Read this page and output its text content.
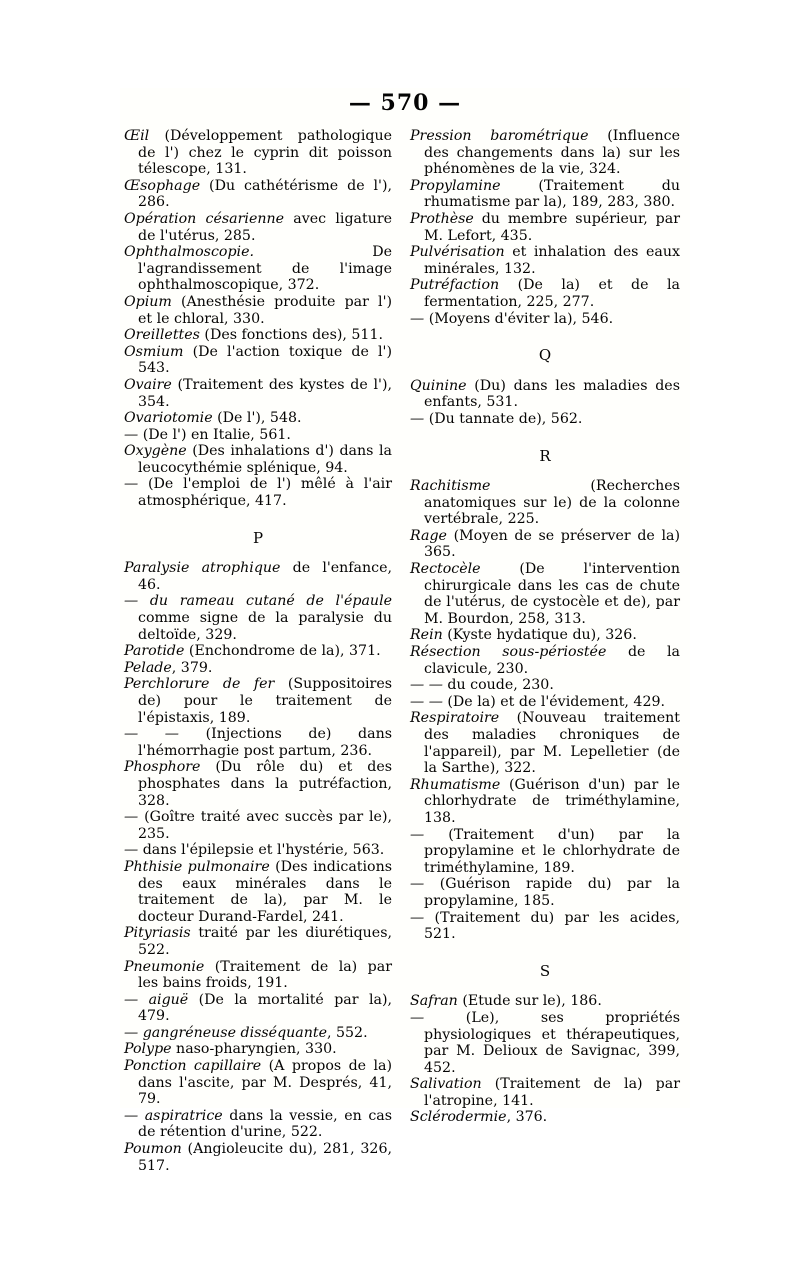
— 570 —
Œil (Développement pathologique de l') chez le cyprin dit poisson télescope, 131.
Œsophage (Du cathétérisme de l'), 286.
Opération césarienne avec ligature de l'utérus, 285.
Ophthalmoscopie. De l'agrandissement de l'image ophthalmoscopique, 372.
Opium (Anesthésie produite par l') et le chloral, 330.
Oreillettes (Des fonctions des), 511.
Osmium (De l'action toxique de l') 543.
Ovaire (Traitement des kystes de l'), 354.
Ovariotomie (De l'), 548.
— (De l') en Italie, 561.
Oxygène (Des inhalations d') dans la leucocythémie splénique, 94.
— (De l'emploi de l') mêlé à l'air atmosphérique, 417.
P
Paralysie atrophique de l'enfance, 46.
— du rameau cutané de l'épaule comme signe de la paralysie du deltoïde, 329.
Parotide (Enchondrome de la), 371.
Pelade, 379.
Perchlorure de fer (Suppositoires de) pour le traitement de l'épistaxis, 189.
— — (Injections de) dans l'hémorrhagie post partum, 236.
Phosphore (Du rôle du) et des phosphates dans la putréfaction, 328.
— (Goître traité avec succès par le), 235.
— dans l'épilepsie et l'hystérie, 563.
Phthisie pulmonaire (Des indications des eaux minérales dans le traitement de la), par M. le docteur Durand-Fardel, 241.
Pityriasis traité par les diurétiques, 522.
Pneumonie (Traitement de la) par les bains froids, 191.
— aiguë (De la mortalité par la), 479.
— gangréneuse disséquante, 552.
Polype naso-pharyngien, 330.
Ponction capillaire (A propos de la) dans l'ascite, par M. Després, 41, 79.
— aspiratrice dans la vessie, en cas de rétention d'urine, 522.
Poumon (Angioleucite du), 281, 326, 517.
Pression barométrique (Influence des changements dans la) sur les phénomènes de la vie, 324.
Propylamine (Traitement du rhumatisme par la), 189, 283, 380.
Prothèse du membre supérieur, par M. Lefort, 435.
Pulvérisation et inhalation des eaux minérales, 132.
Putréfaction (De la) et de la fermentation, 225, 277.
— (Moyens d'éviter la), 546.
Q
Quinine (Du) dans les maladies des enfants, 531.
— (Du tannate de), 562.
R
Rachitisme (Recherches anatomiques sur le) de la colonne vertébrale, 225.
Rage (Moyen de se préserver de la) 365.
Rectocèle (De l'intervention chirurgicale dans les cas de chute de l'utérus, de cystocèle et de), par M. Bourdon, 258, 313.
Rein (Kyste hydatique du), 326.
Résection sous-périostée de la clavicule, 230.
— — du coude, 230.
— — (De la) et de l'évidement, 429.
Respiratoire (Nouveau traitement des maladies chroniques de l'appareil), par M. Lepelletier (de la Sarthe), 322.
Rhumatisme (Guérison d'un) par le chlorhydrate de triméthylamine, 138.
— (Traitement d'un) par la propylamine et le chlorhydrate de triméthylamine, 189.
— (Guérison rapide du) par la propylamine, 185.
— (Traitement du) par les acides, 521.
S
Safran (Etude sur le), 186.
— (Le), ses propriétés physiologiques et thérapeutiques, par M. Delioux de Savignac, 399, 452.
Salivation (Traitement de la) par l'atropine, 141.
Sclérodermie, 376.
